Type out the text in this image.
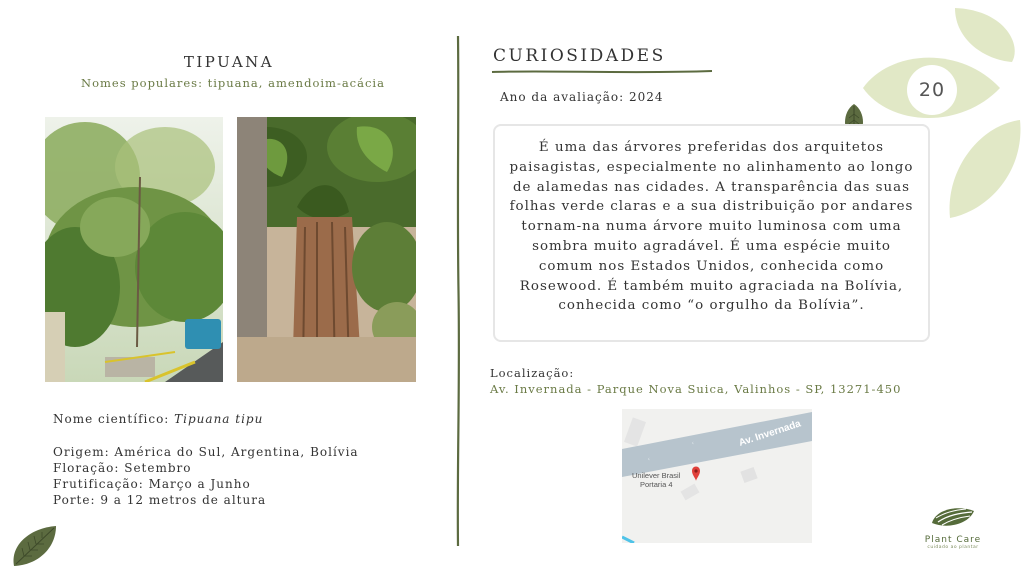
20
TIPUANA
Nomes populares: tipuana, amendoim-acácia
Nome científico: Tipuana tipu
Origem: América do Sul, Argentina, Bolívia
Floração: Setembro
Frutificação: Março a Junho
Porte: 9 a 12 metros de altura
CURIOSIDADES
Ano da avaliação: 2024
É uma das árvores preferidas dos arquitetos paisagistas, especialmente no alinhamento ao longo de alamedas nas cidades. A transparência das suas folhas verde claras e a sua distribuição por andares tornam-na numa árvore muito luminosa com uma sombra muito agradável. É uma espécie muito comum nos Estados Unidos, conhecida como Rosewood. É também muito agraciada na Bolívia, conhecida como “o orgulho da Bolívia”.
Localização:
Av. Invernada - Parque Nova Suica, Valinhos - SP, 13271-450
Av. Invernada
‹
‹
Unilever Brasil
Portaria 4
Plant Care
cuidado ao plantar
